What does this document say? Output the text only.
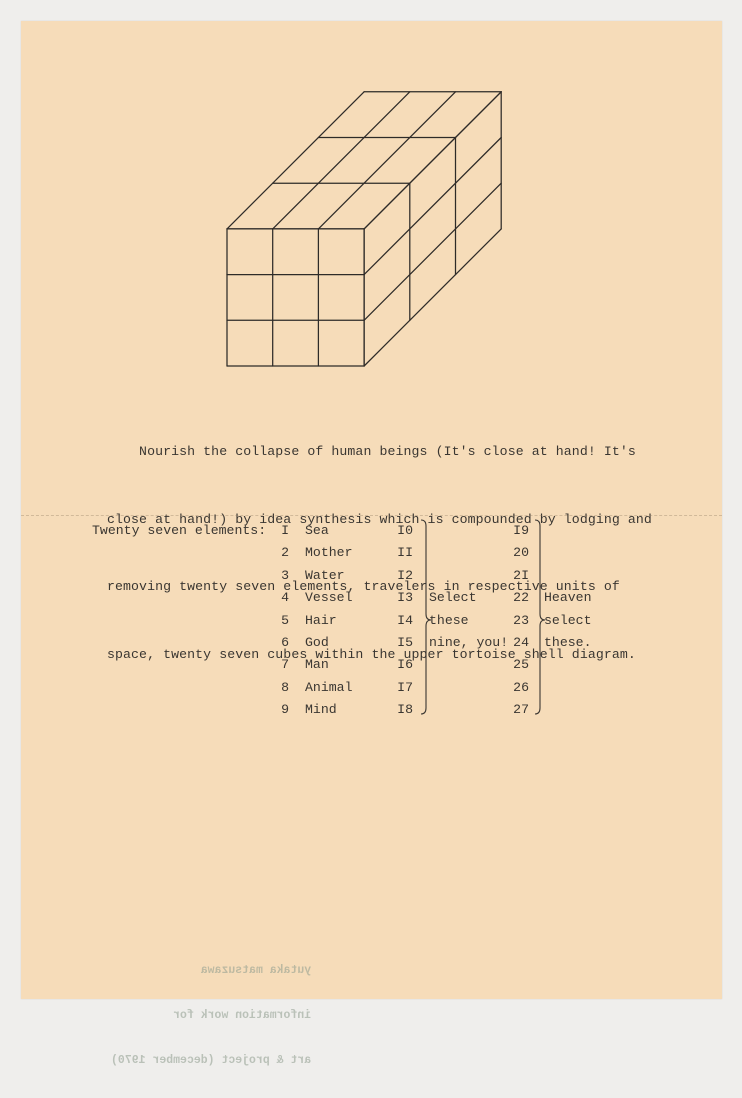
Nourish the collapse of human beings (It's close at hand! It's

close at hand!) by idea synthesis which is compounded by lodging and

removing twenty seven elements, travelers in respective units of

space, twenty seven cubes within the upper tortoise shell diagram.

Twenty seven elements:	I Sea
2 Mother
3 Water
4 Vessel
5 Hair
6 God
7 Man
8 Animal
9 Mind
I0
II
I2
I3
I4
I5
I6
I7
I8
I9
20
2I
22
23
24
25
26
27
Select
these
nine, you!
Heaven
select
these.

yutaka matsuzawa

information work for

art & project (december 1970)
